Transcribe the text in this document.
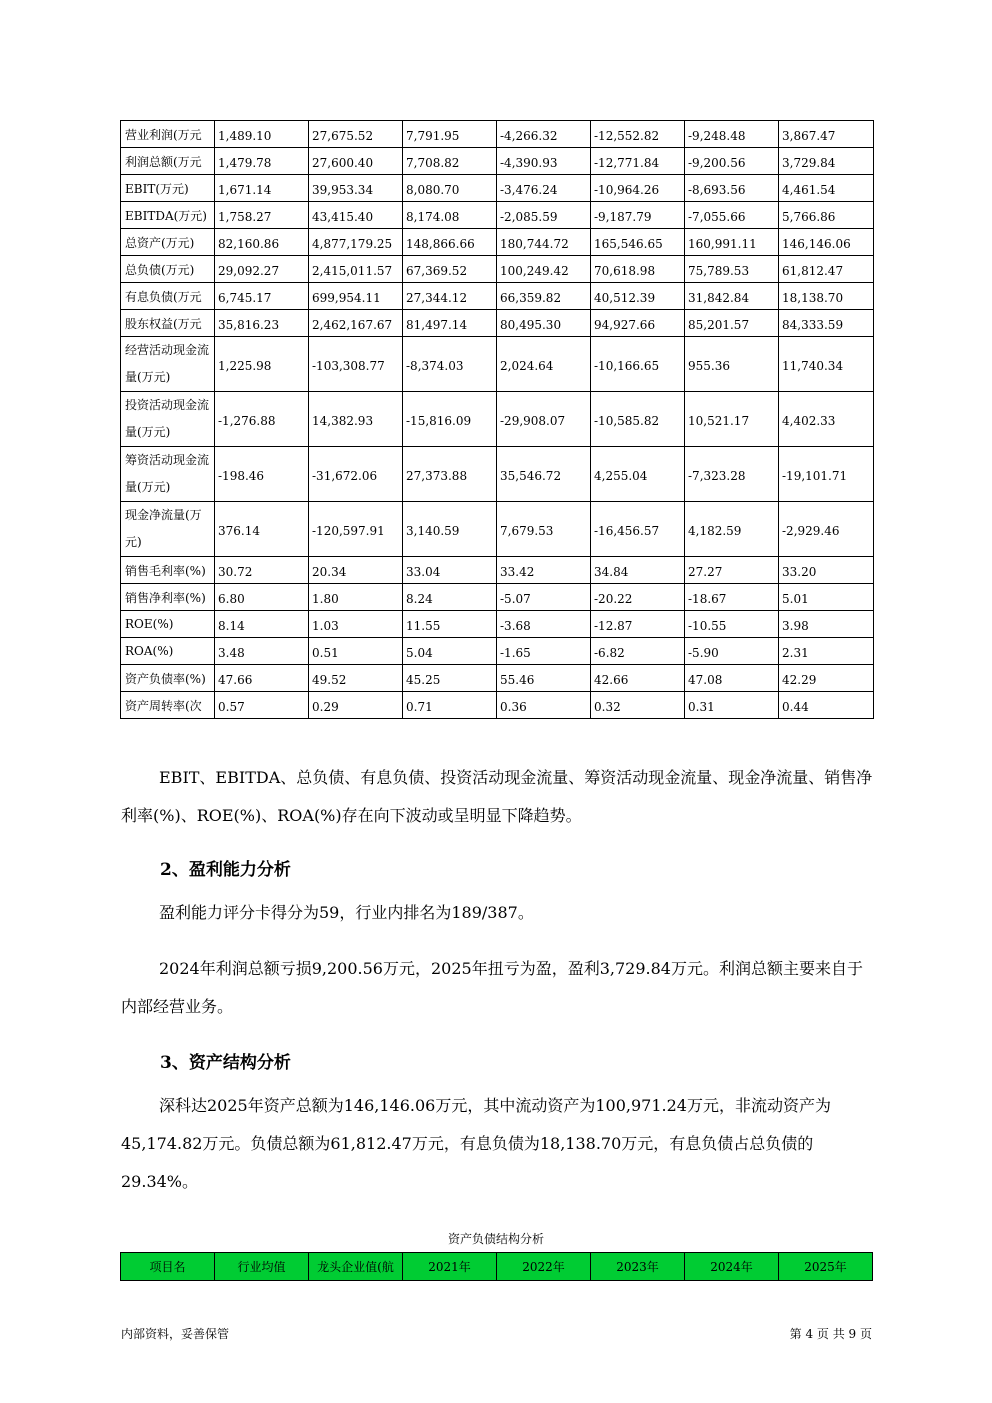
营业利润(万元	1,489.10	27,675.52	7,791.95	-4,266.32	-12,552.82	-9,248.48	3,867.47
利润总额(万元	1,479.78	27,600.40	7,708.82	-4,390.93	-12,771.84	-9,200.56	3,729.84
EBIT(万元)	1,671.14	39,953.34	8,080.70	-3,476.24	-10,964.26	-8,693.56	4,461.54
EBITDA(万元)	1,758.27	43,415.40	8,174.08	-2,085.59	-9,187.79	-7,055.66	5,766.86
总资产(万元)	82,160.86	4,877,179.25	148,866.66	180,744.72	165,546.65	160,991.11	146,146.06
总负债(万元)	29,092.27	2,415,011.57	67,369.52	100,249.42	70,618.98	75,789.53	61,812.47
有息负债(万元	6,745.17	699,954.11	27,344.12	66,359.82	40,512.39	31,842.84	18,138.70
股东权益(万元	35,816.23	2,462,167.67	81,497.14	80,495.30	94,927.66	85,201.57	84,333.59
经营活动现金流量(万元)	1,225.98	-103,308.77	-8,374.03	2,024.64	-10,166.65	955.36	11,740.34
投资活动现金流量(万元)	-1,276.88	14,382.93	-15,816.09	-29,908.07	-10,585.82	10,521.17	4,402.33
筹资活动现金流量(万元)	-198.46	-31,672.06	27,373.88	35,546.72	4,255.04	-7,323.28	-19,101.71
现金净流量(万元)	376.14	-120,597.91	3,140.59	7,679.53	-16,456.57	4,182.59	-2,929.46
销售毛利率(%)	30.72	20.34	33.04	33.42	34.84	27.27	33.20
销售净利率(%)	6.80	1.80	8.24	-5.07	-20.22	-18.67	5.01
ROE(%)	8.14	1.03	11.55	-3.68	-12.87	-10.55	3.98
ROA(%)	3.48	0.51	5.04	-1.65	-6.82	-5.90	2.31
资产负债率(%)	47.66	49.52	45.25	55.46	42.66	47.08	42.29
资产周转率(次	0.57	0.29	0.71	0.36	0.32	0.31	0.44

EBIT、EBITDA、总负债、有息负债、投资活动现金流量、筹资活动现金流量、现金净流量、销售净利率(%)、ROE(%)、ROA(%)存在向下波动或呈明显下降趋势。

2、盈利能力分析

盈利能力评分卡得分为59，行业内排名为189/387。

2024年利润总额亏损9,200.56万元，2025年扭亏为盈，盈利3,729.84万元。利润总额主要来自于内部经营业务。

3、资产结构分析

深科达2025年资产总额为146,146.06万元，其中流动资产为100,971.24万元，非流动资产为45,174.82万元。负债总额为61,812.47万元，有息负债为18,138.70万元，有息负债占总负债的29.34%。

资产负债结构分析
项目名	行业均值	龙头企业值(航	2021年	2022年	2023年	2024年	2025年
内部资料，妥善保管	第 4 页 共 9 页
